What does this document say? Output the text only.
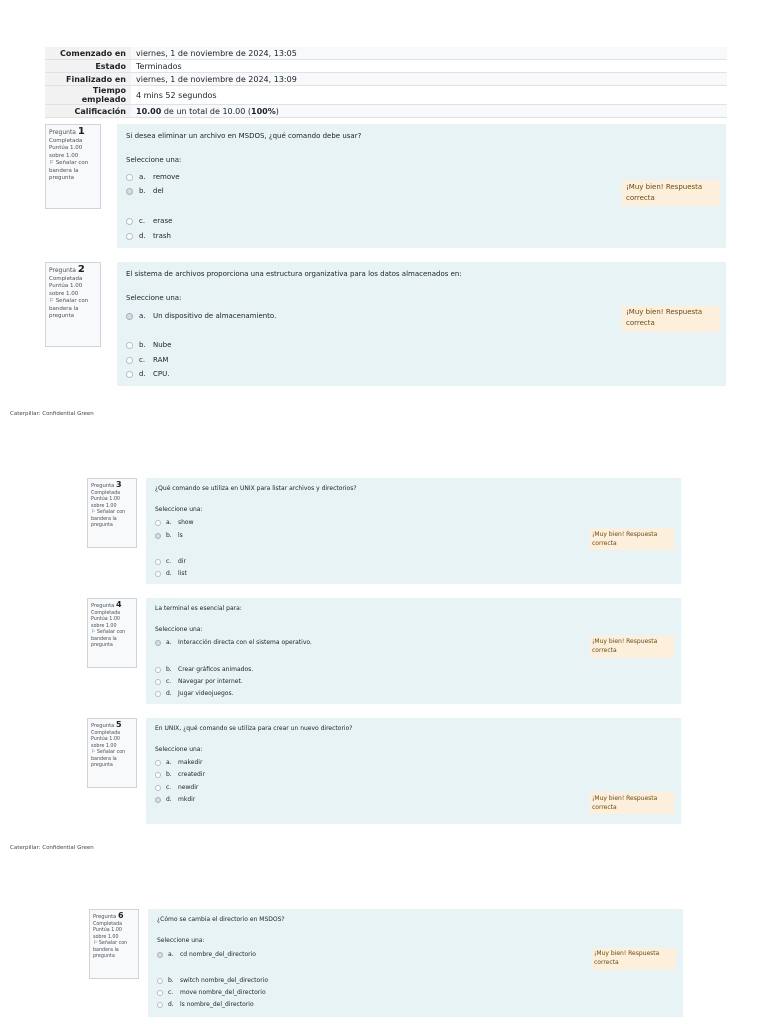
Comenzado en	viernes, 1 de noviembre de 2024, 13:05
Estado	Terminados
Finalizado en	viernes, 1 de noviembre de 2024, 13:09
Tiempo empleado	4 mins 52 segundos
Calificación	10.00 de un total de 10.00 (100%)
Pregunta 1
Completada
Puntúa 1.00
sobre 1.00
⚐ Señalar con bandera la pregunta
Si desea eliminar un archivo en MSDOS, ¿qué comando debe usar?
Seleccione una:
a.	remove
b.	del
c.	erase
d.	trash
¡Muy bien! Respuesta correcta
Pregunta 2
Completada
Puntúa 1.00
sobre 1.00
⚐ Señalar con bandera la pregunta
El sistema de archivos proporciona una estructura organizativa para los datos almacenados en:
Seleccione una:
a.	Un dispositivo de almacenamiento.
b.	Nube
c.	RAM
d.	CPU.
¡Muy bien! Respuesta correcta
Pregunta 3
Completada
Puntúa 1.00
sobre 1.00
⚐ Señalar con bandera la pregunta
¿Qué comando se utiliza en UNIX para listar archivos y directorios?
Seleccione una:
a.	show
b.	ls
c.	dir
d.	list
¡Muy bien! Respuesta correcta
Pregunta 4
Completada
Puntúa 1.00
sobre 1.00
⚐ Señalar con bandera la pregunta
La terminal es esencial para:
Seleccione una:
a.	Interacción directa con el sistema operativo.
b.	Crear gráficos animados.
c.	Navegar por internet.
d.	Jugar videojuegos.
¡Muy bien! Respuesta correcta
Pregunta 5
Completada
Puntúa 1.00
sobre 1.00
⚐ Señalar con bandera la pregunta
En UNIX, ¿qué comando se utiliza para crear un nuevo directorio?
Seleccione una:
a.	makedir
b.	createdir
c.	newdir
d.	mkdir	¡Muy bien! Respuesta correcta
Pregunta 6
Completada
Puntúa 1.00
sobre 1.00
⚐ Señalar con bandera la pregunta
¿Cómo se cambia el directorio en MSDOS?
Seleccione una:
a.	cd nombre_del_directorio
b.	switch nombre_del_directorio
c.	move nombre_del_directorio
d.	ls nombre_del_directorio
¡Muy bien! Respuesta correcta
Caterpillar: Confidential Green
Caterpillar: Confidential Green
